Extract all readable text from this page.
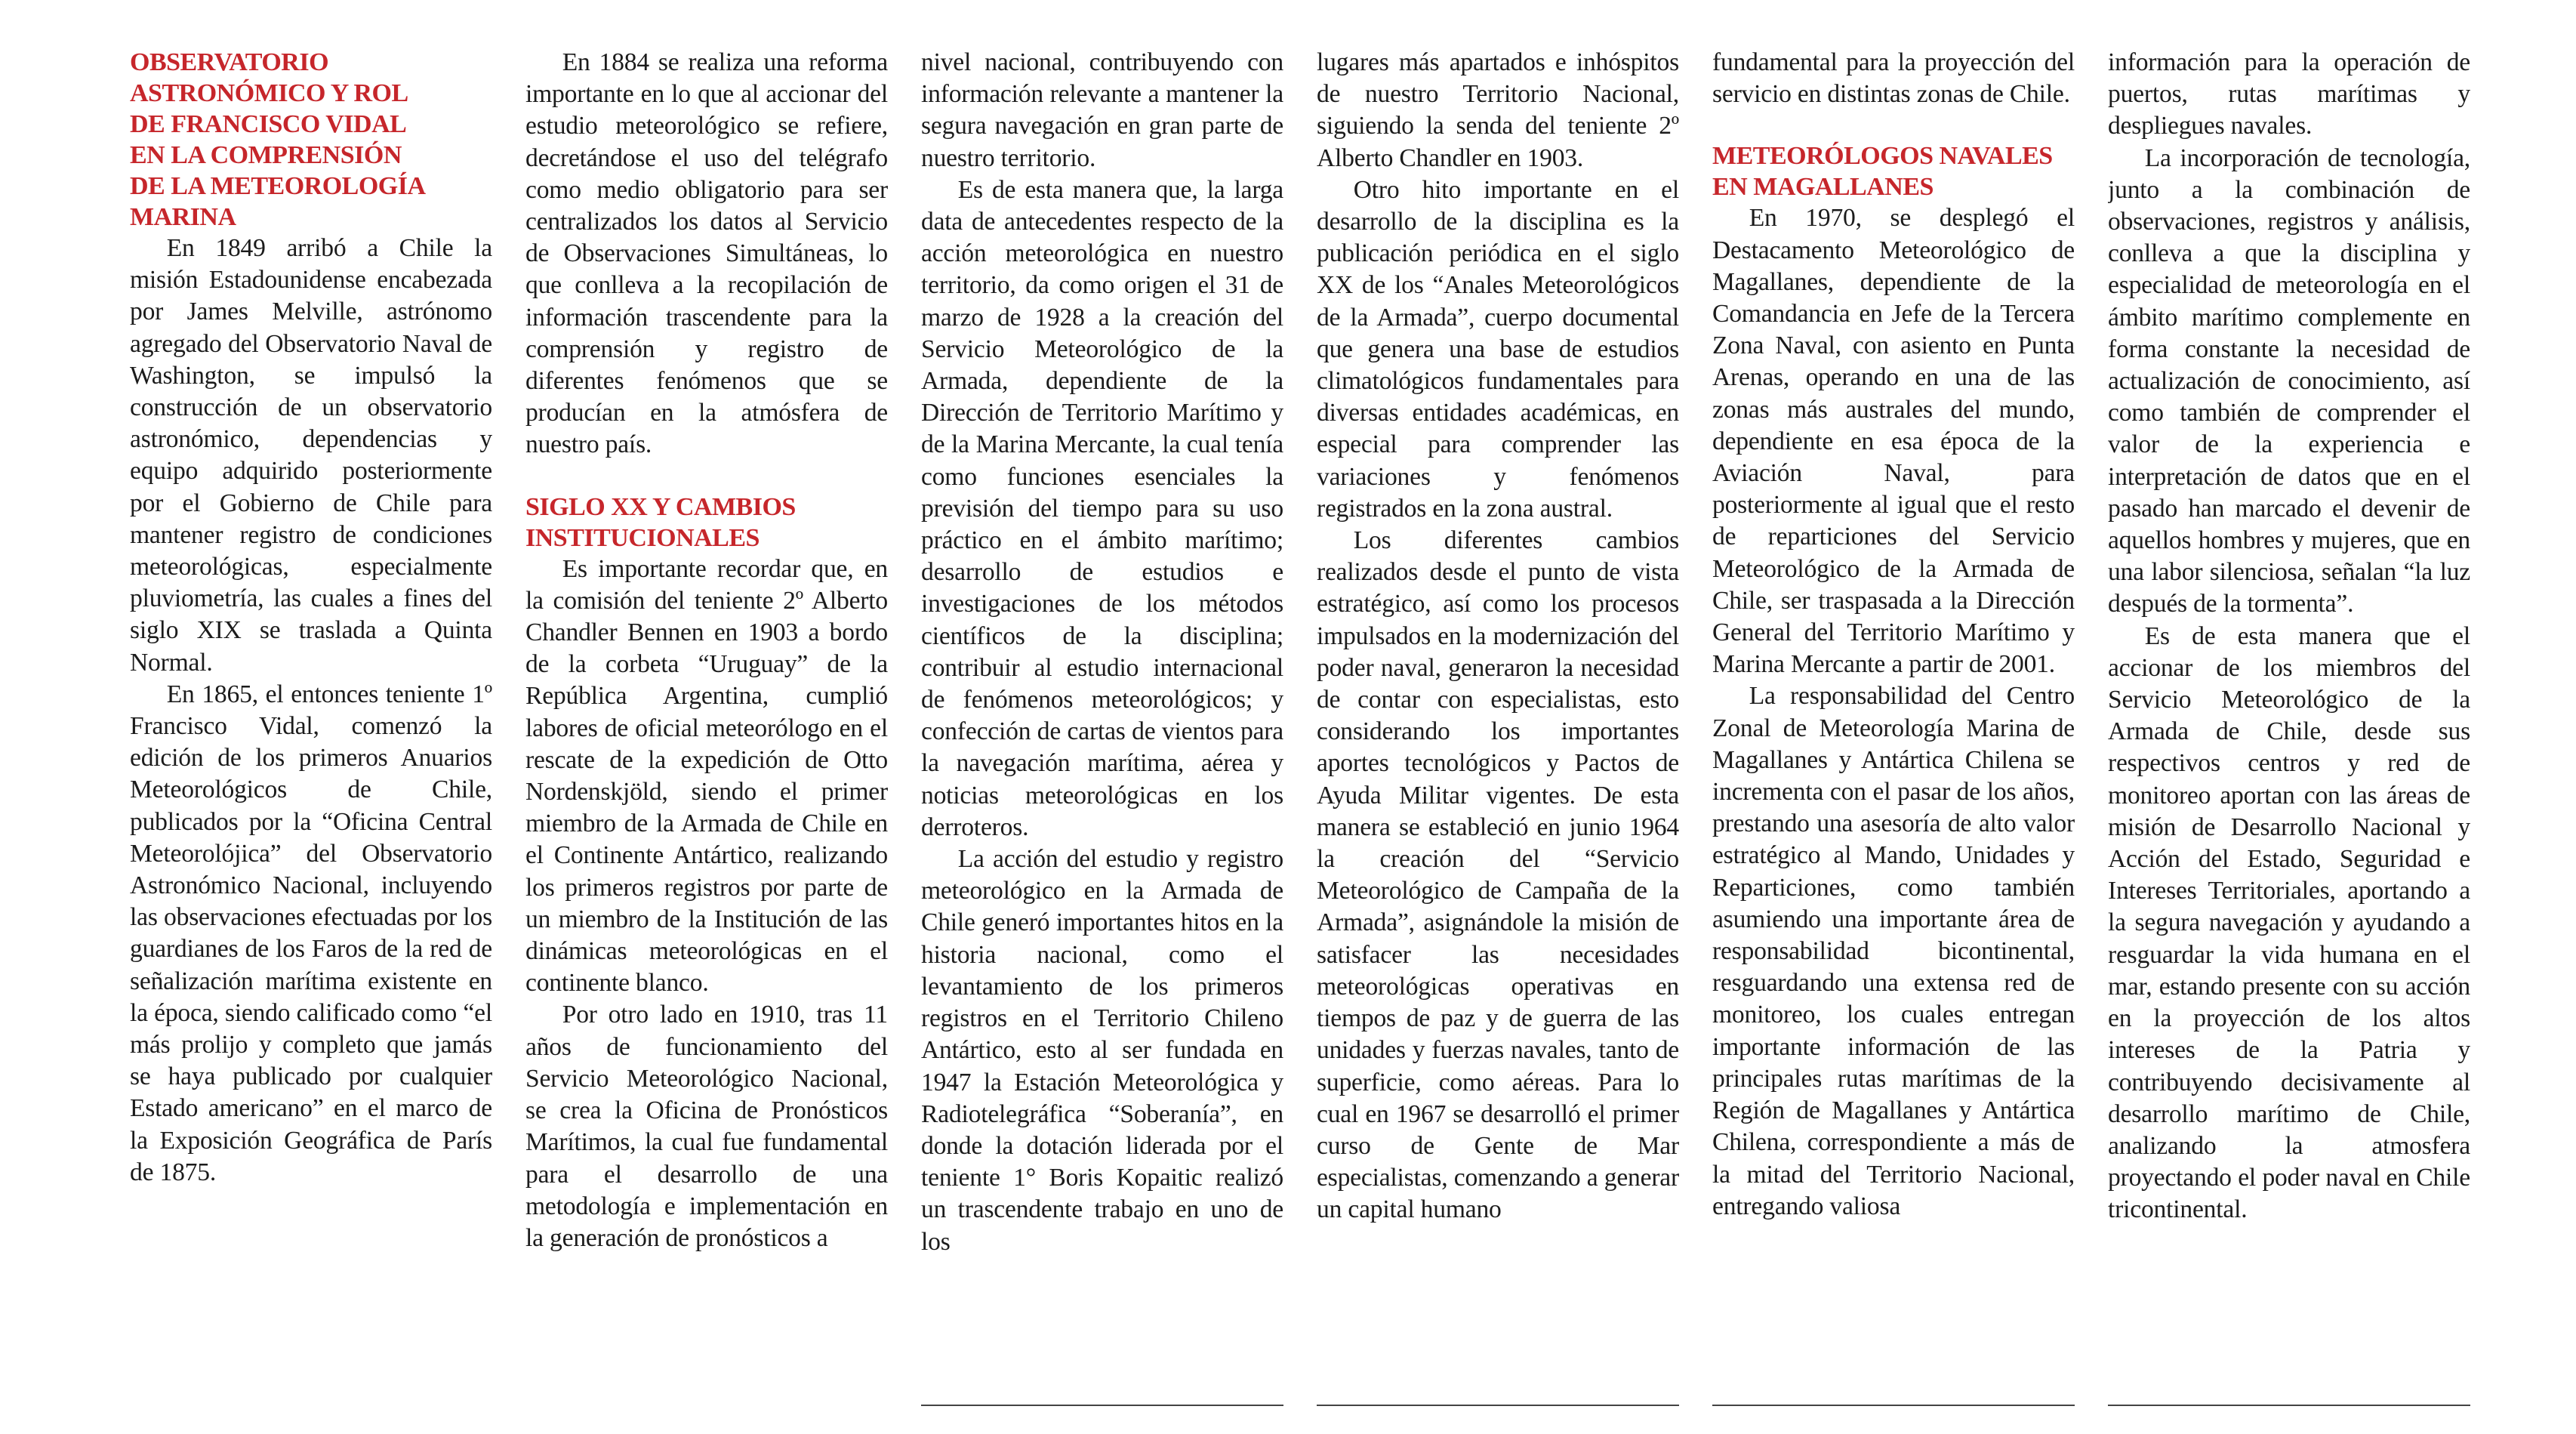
OBSERVATORIO
ASTRONÓMICO Y ROL
DE FRANCISCO VIDAL
EN LA COMPRENSIÓN
DE LA METEOROLOGÍA
MARINA

En 1849 arribó a Chile la misión Estadounidense encabezada por James Melville, astrónomo agregado del Observatorio Naval de Washington, se impulsó la construcción de un observatorio astronómico, dependencias y equipo adquirido posteriormente por el Gobierno de Chile para mantener registro de condiciones meteorológicas, especialmente pluviometría, las cuales a fines del siglo XIX se traslada a Quinta Normal.

En 1865, el entonces teniente 1º Francisco Vidal, comenzó la edición de los primeros Anuarios Meteorológicos de Chile, publicados por la “Oficina Central Meteorolójica” del Observatorio Astronómico Nacional, incluyendo las observaciones efectuadas por los guardianes de los Faros de la red de señalización marítima existente en la época, siendo calificado como “el más prolijo y completo que jamás se haya publicado por cualquier Estado americano” en el marco de la Exposición Geográfica de París de 1875.

En 1884 se realiza una reforma importante en lo que al accionar del estudio meteorológico se refiere, decretándose el uso del telégrafo como medio obligatorio para ser centralizados los datos al Servicio de Observaciones Simultáneas, lo que conlleva a la recopilación de información trascendente para la comprensión y registro de diferentes fenómenos que se producían en la atmósfera de nuestro país.

SIGLO XX Y CAMBIOS
INSTITUCIONALES

Es importante recordar que, en la comisión del teniente 2º Alberto Chandler Bennen en 1903 a bordo de la corbeta “Uruguay” de la República Argentina, cumplió labores de oficial meteorólogo en el rescate de la expedición de Otto Nordenskjöld, siendo el primer miembro de la Armada de Chile en el Continente Antártico, realizando los primeros registros por parte de un miembro de la Institución de las dinámicas meteorológicas en el continente blanco.

Por otro lado en 1910, tras 11 años de funcionamiento del Servicio Meteorológico Nacional, se crea la Oficina de Pronósticos Marítimos, la cual fue fundamental para el desarrollo de una metodología e implementación en la generación de pronósticos a

nivel nacional, contribuyendo con información relevante a mantener la segura navegación en gran parte de nuestro territorio.

Es de esta manera que, la larga data de antecedentes respecto de la acción meteorológica en nuestro territorio, da como origen el 31 de marzo de 1928 a la creación del Servicio Meteorológico de la Armada, dependiente de la Dirección de Territorio Marítimo y de la Marina Mercante, la cual tenía como funciones esenciales la previsión del tiempo para su uso práctico en el ámbito marítimo; desarrollo de estudios e investigaciones de los métodos científicos de la disciplina; contribuir al estudio internacional de fenómenos meteorológicos; y confección de cartas de vientos para la navegación marítima, aérea y noticias meteorológicas en los derroteros.

La acción del estudio y registro meteorológico en la Armada de Chile generó importantes hitos en la historia nacional, como el levantamiento de los primeros registros en el Territorio Chileno Antártico, esto al ser fundada en 1947 la Estación Meteorológica y Radiotelegráfica “Soberanía”, en donde la dotación liderada por el teniente 1° Boris Kopaitic realizó un trascendente trabajo en uno de los

lugares más apartados e inhóspitos de nuestro Territorio Nacional, siguiendo la senda del teniente 2º Alberto Chandler en 1903.

Otro hito importante en el desarrollo de la disciplina es la publicación periódica en el siglo XX de los “Anales Meteorológicos de la Armada”, cuerpo documental que genera una base de estudios climatológicos fundamentales para diversas entidades académicas, en especial para comprender las variaciones y fenómenos registrados en la zona austral.

Los diferentes cambios realizados desde el punto de vista estratégico, así como los procesos impulsados en la modernización del poder naval, generaron la necesidad de contar con especialistas, esto considerando los importantes aportes tecnológicos y Pactos de Ayuda Militar vigentes. De esta manera se estableció en junio 1964 la creación del “Servicio Meteorológico de Campaña de la Armada”, asignándole la misión de satisfacer las necesidades meteorológicas operativas en tiempos de paz y de guerra de las unidades y fuerzas navales, tanto de superficie, como aéreas. Para lo cual en 1967 se desarrolló el primer curso de Gente de Mar especialistas, comenzando a generar un capital humano

fundamental para la proyección del servicio en distintas zonas de Chile.

METEORÓLOGOS NAVALES
EN MAGALLANES

En 1970, se desplegó el Destacamento Meteorológico de Magallanes, dependiente de la Comandancia en Jefe de la Tercera Zona Naval, con asiento en Punta Arenas, operando en una de las zonas más australes del mundo, dependiente en esa época de la Aviación Naval, para posteriormente al igual que el resto de reparticiones del Servicio Meteorológico de la Armada de Chile, ser traspasada a la Dirección General del Territorio Marítimo y Marina Mercante a partir de 2001.

La responsabilidad del Centro Zonal de Meteorología Marina de Magallanes y Antártica Chilena se incrementa con el pasar de los años, prestando una asesoría de alto valor estratégico al Mando, Unidades y Reparticiones, como también asumiendo una importante área de responsabilidad bicontinental, resguardando una extensa red de monitoreo, los cuales entregan importante información de las principales rutas marítimas de la Región de Magallanes y Antártica Chilena, correspondiente a más de la mitad del Territorio Nacional, entregando valiosa

información para la operación de puertos, rutas marítimas y despliegues navales.

La incorporación de tecnología, junto a la combinación de observaciones, registros y análisis, conlleva a que la disciplina y especialidad de meteorología en el ámbito marítimo complemente en forma constante la necesidad de actualización de conocimiento, así como también de comprender el valor de la experiencia e interpretación de datos que en el pasado han marcado el devenir de aquellos hombres y mujeres, que en una labor silenciosa, señalan “la luz después de la tormenta”.

Es de esta manera que el accionar de los miembros del Servicio Meteorológico de la Armada de Chile, desde sus respectivos centros y red de monitoreo aportan con las áreas de misión de Desarrollo Nacional y Acción del Estado, Seguridad e Intereses Territoriales, aportando a la segura navegación y ayudando a resguardar la vida humana en el mar, estando presente con su acción en la proyección de los altos intereses de la Patria y contribuyendo decisivamente al desarrollo marítimo de Chile, analizando la atmosfera proyectando el poder naval en Chile tricontinental.
